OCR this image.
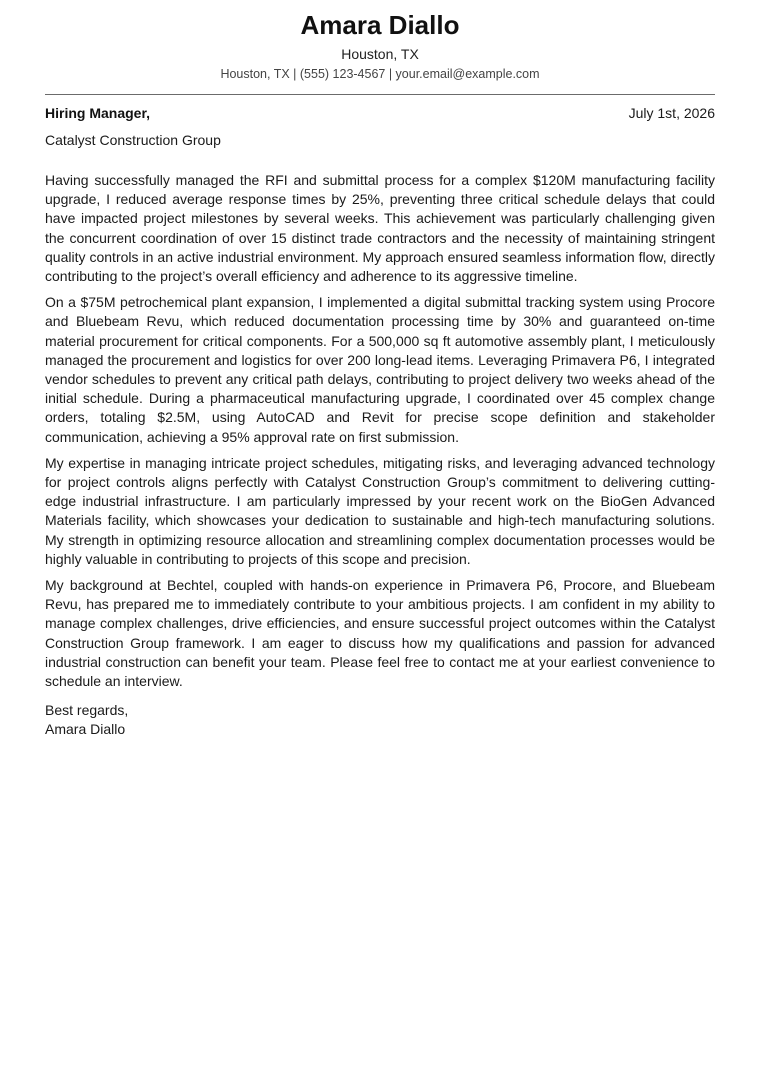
Amara Diallo
Houston, TX
Houston, TX | (555) 123-4567 | your.email@example.com
Hiring Manager,	July 1st, 2026
Catalyst Construction Group

Having successfully managed the RFI and submittal process for a complex $120M manufacturing facility upgrade, I reduced average response times by 25%, preventing three critical schedule delays that could have impacted project milestones by several weeks. This achievement was particularly challenging given the concurrent coordination of over 15 distinct trade contractors and the necessity of maintaining stringent quality controls in an active industrial environment. My approach ensured seamless information flow, directly contributing to the project’s overall efficiency and adherence to its aggressive timeline.

On a $75M petrochemical plant expansion, I implemented a digital submittal tracking system using Procore and Bluebeam Revu, which reduced documentation processing time by 30% and guaranteed on-time material procurement for critical components. For a 500,000 sq ft automotive assembly plant, I meticulously managed the procurement and logistics for over 200 long-lead items. Leveraging Primavera P6, I integrated vendor schedules to prevent any critical path delays, contributing to project delivery two weeks ahead of the initial schedule. During a pharmaceutical manufacturing upgrade, I coordinated over 45 complex change orders, totaling $2.5M, using AutoCAD and Revit for precise scope definition and stakeholder communication, achieving a 95% approval rate on first submission.

My expertise in managing intricate project schedules, mitigating risks, and leveraging advanced technology for project controls aligns perfectly with Catalyst Construction Group’s commitment to delivering cutting-edge industrial infrastructure. I am particularly impressed by your recent work on the BioGen Advanced Materials facility, which showcases your dedication to sustainable and high-tech manufacturing solutions. My strength in optimizing resource allocation and streamlining complex documentation processes would be highly valuable in contributing to projects of this scope and precision.

My background at Bechtel, coupled with hands-on experience in Primavera P6, Procore, and Bluebeam Revu, has prepared me to immediately contribute to your ambitious projects. I am confident in my ability to manage complex challenges, drive efficiencies, and ensure successful project outcomes within the Catalyst Construction Group framework. I am eager to discuss how my qualifications and passion for advanced industrial construction can benefit your team. Please feel free to contact me at your earliest convenience to schedule an interview.

Best regards,
Amara Diallo
